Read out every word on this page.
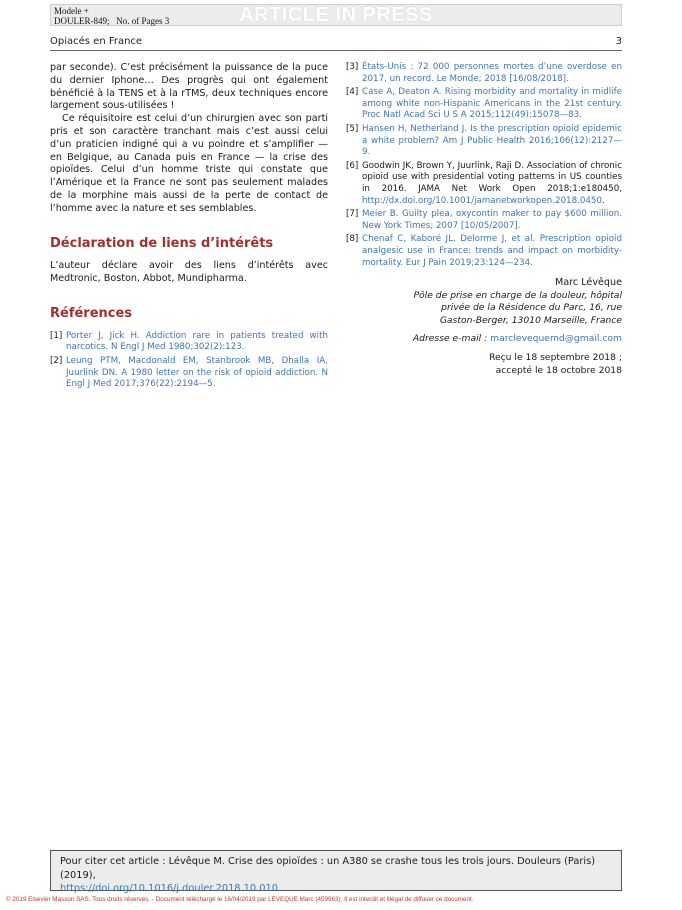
Modele +
DOULER-849; No. of Pages 3	ARTICLE IN PRESS
Opiacés en France	3

par seconde). C’est précisément la puissance de la puce du dernier Iphone… Des progrès qui ont également bénéficié à la TENS et à la rTMS, deux techniques encore largement sous-utilisées !

Ce réquisitoire est celui d’un chirurgien avec son parti pris et son caractère tranchant mais c’est aussi celui d’un praticien indigné qui a vu poindre et s’amplifier — en Belgique, au Canada puis en France — la crise des opioïdes. Celui d’un homme triste qui constate que l’Amérique et la France ne sont pas seulement malades de la morphine mais aussi de la perte de contact de l’homme avec la nature et ses semblables.

Déclaration de liens d’intérêts

L’auteur déclare avoir des liens d’intérêts avec Medtronic, Boston, Abbot, Mundipharma.

Références
[1] Porter J, Jick H. Addiction rare in patients treated with narcotics. N Engl J Med 1980;302(2):123.
[2] Leung PTM, Macdonald EM, Stanbrook MB, Dhalla IA, Juurlink DN. A 1980 letter on the risk of opioid addiction. N Engl J Med 2017;376(22):2194—5.
[3] États-Unis : 72 000 personnes mortes d’une overdose en 2017, un record. Le Monde; 2018 [16/08/2018].
[4] Case A, Deaton A. Rising morbidity and mortality in midlife among white non-Hispanic Americans in the 21st century. Proc Natl Acad Sci U S A 2015;112(49):15078—83.
[5] Hansen H, Netherland J. Is the prescription opioid epidemic a white problem? Am J Public Health 2016;106(12):2127—9.
[6] Goodwin JK, Brown Y, Juurlink, Raji D. Association of chronic opioid use with presidential voting patterns in US counties in 2016. JAMA Net Work Open 2018;1:e180450, http://dx.doi.org/10.1001/jamanetworkopen.2018.0450.
[7] Meier B. Guilty plea, oxycontin maker to pay $600 million. New York Times; 2007 [10/05/2007].
[8] Chenaf C, Kaboré JL, Delorme J, et al. Prescription opioid analgesic use in France: trends and impact on morbidity-mortality. Eur J Pain 2019;23:124—234.
Marc Lévêque
Pôle de prise en charge de la douleur, hôpital
privée de la Résidence du Parc, 16, rue
Gaston-Berger, 13010 Marseille, France
Adresse e-mail : marclevequemd@gmail.com
Reçu le 18 septembre 2018 ;
accepté le 18 octobre 2018
Pour citer cet article : Lévêque M. Crise des opioïdes : un A380 se crashe tous les trois jours. Douleurs (Paris) (2019),
https://doi.org/10.1016/j.douler.2018.10.010
© 2019 Elsevier Masson SAS. Tous droits réservés. - Document téléchargé le 16/04/2019 par LEVEQUE Marc (459963). Il est interdit et illégal de diffuser ce document.
